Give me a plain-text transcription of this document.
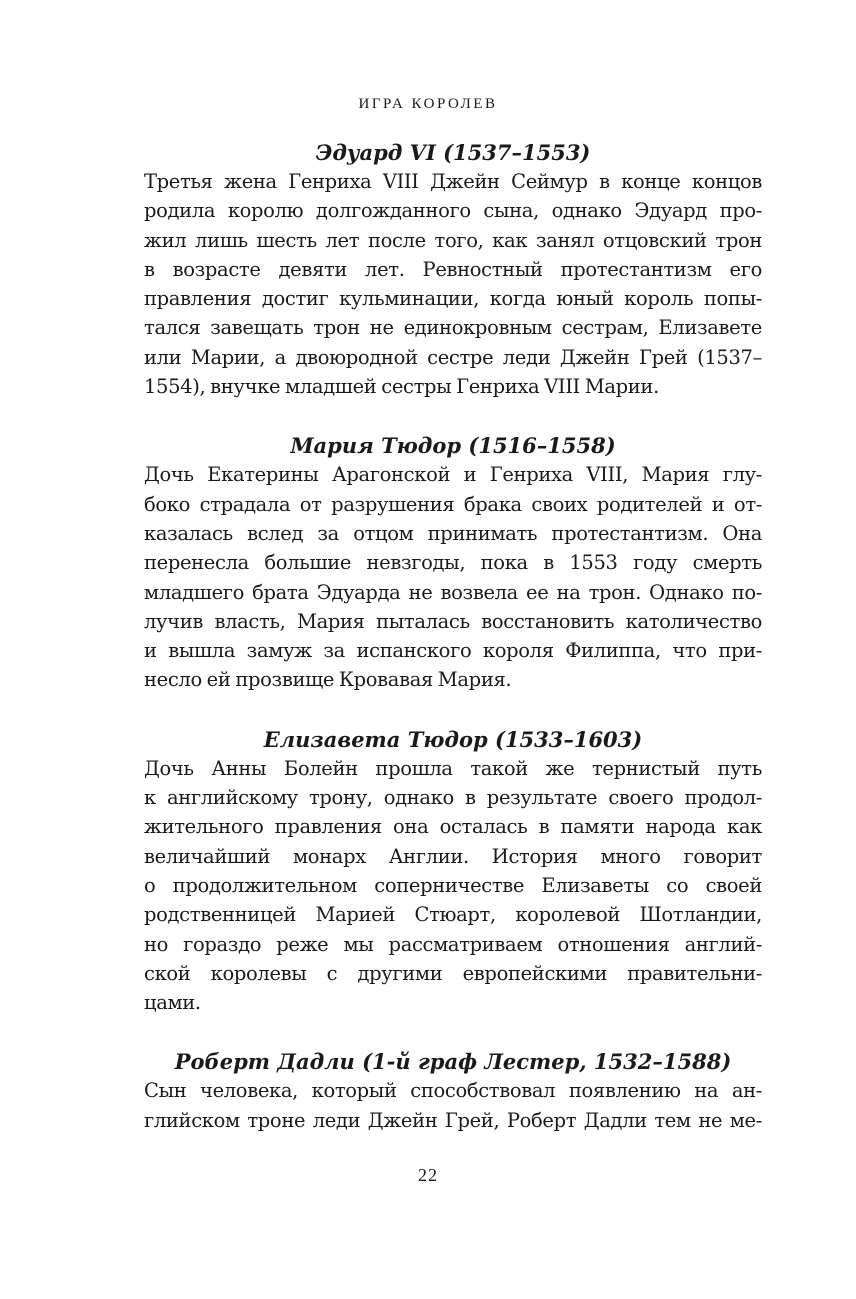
ИГРА КОРОЛЕВ
Эдуард VI (1537–1553)

Третья жена Генриха VIII Джейн Сеймур в конце концов
родила королю долгожданного сына, однако Эдуард про-
жил лишь шесть лет после того, как занял отцовский трон
в возрасте девяти лет. Ревностный протестантизм его
правления достиг кульминации, когда юный король попы-
тался завещать трон не единокровным сестрам, Елизавете
или Марии, а двоюродной сестре леди Джейн Грей (1537–
1554), внучке младшей сестры Генриха VIII Марии.

Мария Тюдор (1516–1558)

Дочь Екатерины Арагонской и Генриха VIII, Мария глу-
боко страдала от разрушения брака своих родителей и от-
казалась вслед за отцом принимать протестантизм. Она
перенесла большие невзгоды, пока в 1553 году смерть
младшего брата Эдуарда не возвела ее на трон. Однако по-
лучив власть, Мария пыталась восстановить католичество
и вышла замуж за испанского короля Филиппа, что при-
несло ей прозвище Кровавая Мария.

Елизавета Тюдор (1533–1603)

Дочь Анны Болейн прошла такой же тернистый путь
к английскому трону, однако в результате своего продол-
жительного правления она осталась в памяти народа как
величайший монарх Англии. История много говорит
о продолжительном соперничестве Елизаветы со своей
родственницей Марией Стюарт, королевой Шотландии,
но гораздо реже мы рассматриваем отношения англий-
ской королевы с другими европейскими правительни-
цами.

Роберт Дадли (1-й граф Лестер, 1532–1588)

Сын человека, который способствовал появлению на ан-
глийском троне леди Джейн Грей, Роберт Дадли тем не ме-

22
